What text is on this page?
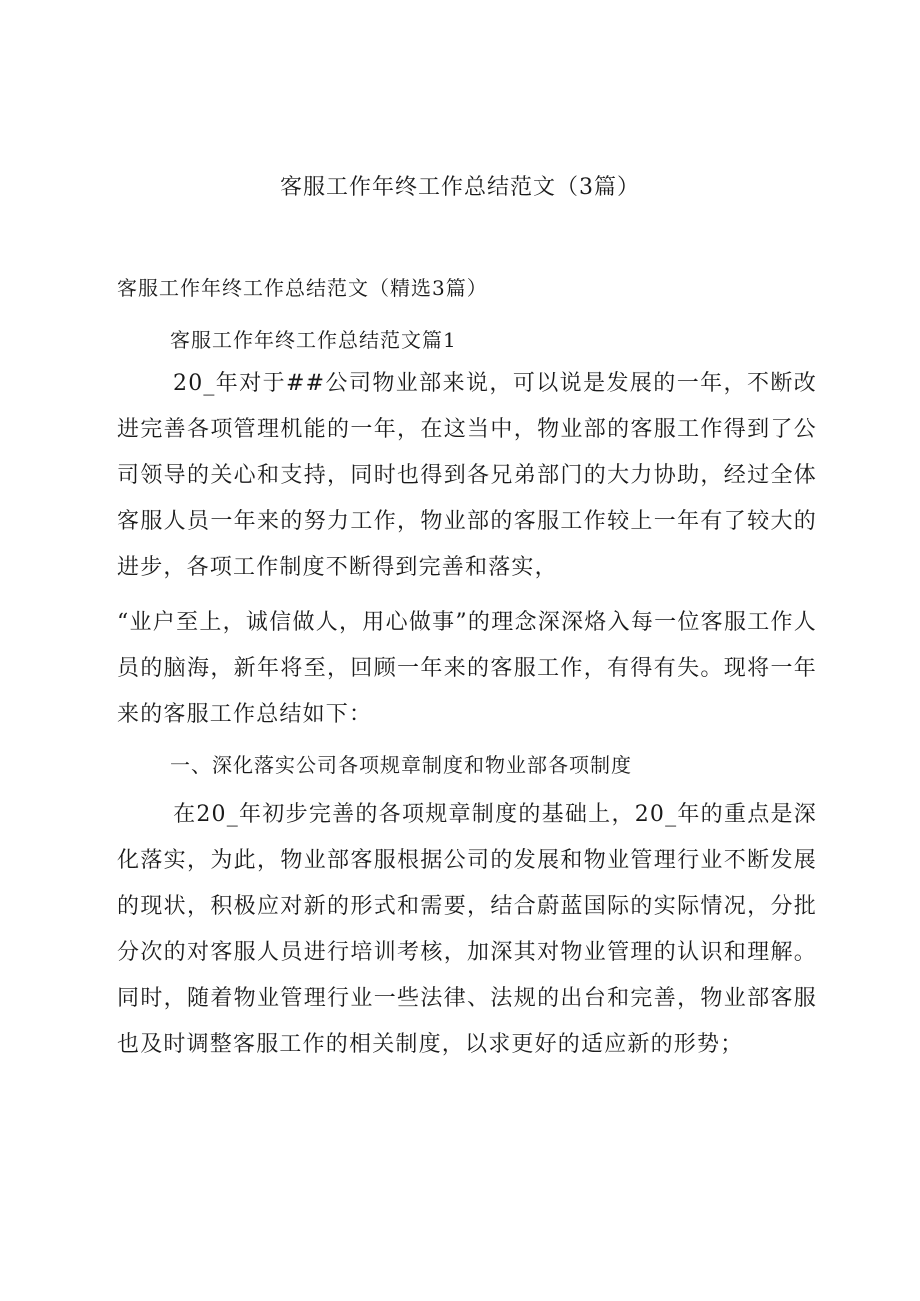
客服工作年终工作总结范文（3篇）
客服工作年终工作总结范文（精选3篇）
客服工作年终工作总结范文篇1

20_年对于##公司物业部来说，可以说是发展的一年，不断改进完善各项管理机能的一年，在这当中，物业部的客服工作得到了公司领导的关心和支持，同时也得到各兄弟部门的大力协助，经过全体客服人员一年来的努力工作，物业部的客服工作较上一年有了较大的进步，各项工作制度不断得到完善和落实，

“业户至上，诚信做人，用心做事”的理念深深烙入每一位客服工作人员的脑海，新年将至，回顾一年来的客服工作，有得有失。现将一年来的客服工作总结如下：

一、深化落实公司各项规章制度和物业部各项制度

在20_年初步完善的各项规章制度的基础上，20_年的重点是深化落实，为此，物业部客服根据公司的发展和物业管理行业不断发展的现状，积极应对新的形式和需要，结合蔚蓝国际的实际情况，分批分次的对客服人员进行培训考核，加深其对物业管理的认识和理解。同时，随着物业管理行业一些法律、法规的出台和完善，物业部客服也及时调整客服工作的相关制度，以求更好的适应新的形势；
